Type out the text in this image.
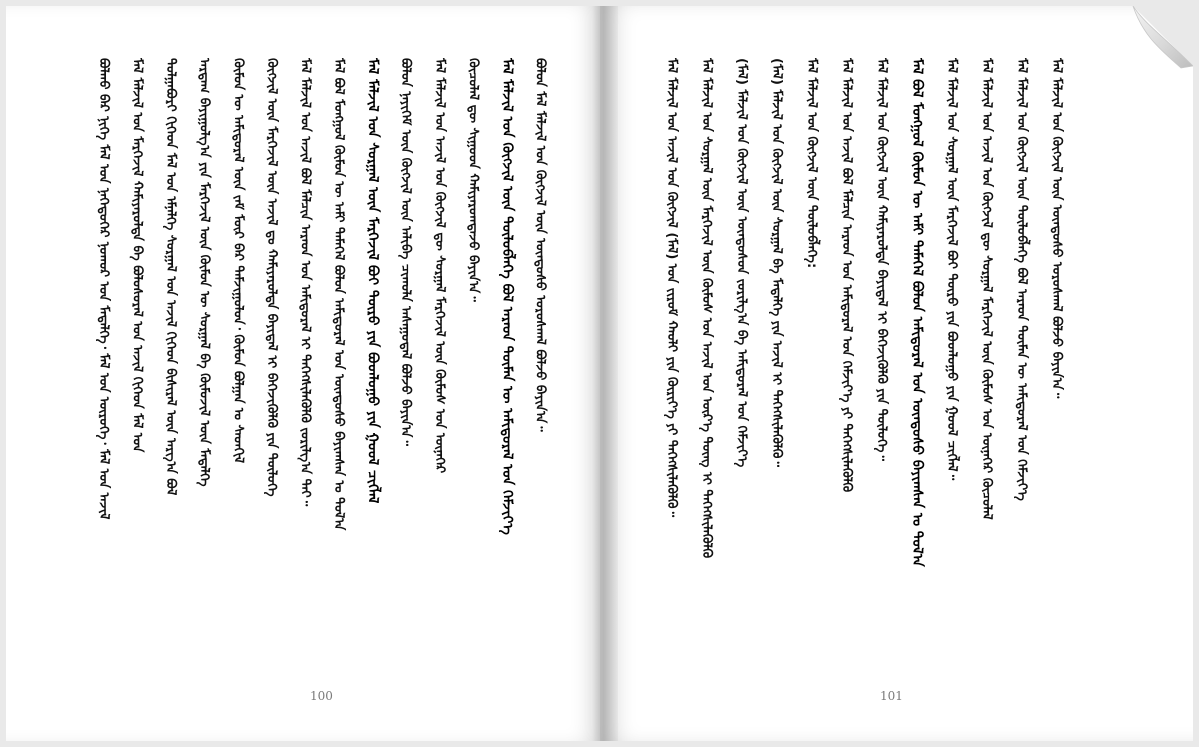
ᠪᠣᠯᠬᠤ ᠪᠡᠷ ᠨᠢᠭᠡ ᠮᠠᠯ ᠤᠨ ᠨᠡᠭᠡᠳᠦᠭᠡᠷ ᠨᠤᠬᠤᠷ ᠤᠨ ᠮᠡᠳᠡᠯᠭᠡ᠂ ᠮᠠᠯ ᠤᠨ ᠦᠷᠦᠬᠡ᠂ ᠮᠠᠯ ᠤᠨ ᠠᠵᠢᠯ	ᠮᠠᠯ ᠮᠠᠯᠵᠢᠯ ᠤᠨ ᠮᠡᠷᠭᠡᠵᠢᠯ ᠬᠠᠮᠢᠶᠠᠷᠤᠯᠳᠠ ᠪᠠ ᠪᠣᠯᠤᠰᠤᠷᠠᠯ ᠤᠨ ᠠᠵᠢᠯ ᠬᠢᠭᠡᠳ ᠮᠠᠯ ᠤᠨ	ᠲᠤᠯᠭᠠᠪᠤᠷᠢ ᠬᠢᠭᠡᠳ ᠮᠠᠯ ᠤᠨ ᠡᠮᠨᠡᠯᠭᠡ ᠰᠤᠷᠭᠠᠯ ᠤᠨ ᠠᠵᠢᠯ ᠬᠢᠭᠡᠳ ᠪᠢᠰᠢᠷᠡᠯ ᠦᠨ ᠠᠷᠭ᠎ᠠ ᠪᠣᠯ	ᠠᠷᠳᠠᠭ ᠪᠠᠶᠢᠭᠤᠯᠭ᠎ᠠ ᠶᠢᠨ ᠮᠡᠷᠭᠡᠵᠢᠯ ᠦᠨ ᠬᠦᠮᠦᠨ ᠦ ᠰᠤᠷᠭᠠᠯ ᠪᠠ ᠬᠦᠮᠦᠵᠢᠯ ᠦᠨ ᠮᠡᠳᠡᠯᠭᠡ	ᠬᠦᠮᠦᠨ ᠦ ᠠᠮᠢᠳᠤᠷᠠᠯ ᠦᠨ ᠵᠠᠮ ᠮᠦᠷ ᠪᠠᠷ ᠳᠠᠮᠵᠢᠭᠤᠯᠤᠨ᠂ ᠬᠦᠮᠦᠨ ᠪᠤᠯᠭᠠᠨ ᠤ ᠰᠡᠳᠬᠢᠯ	ᠬᠥᠭᠵᠢᠯ ᠦᠨ ᠮᠡᠷᠭᠡᠵᠢᠯ ᠦᠨ ᠠᠵᠢᠯ ᠳᠤ ᠬᠠᠮᠢᠶᠠᠷᠤᠯᠳᠠ ᠪᠠᠶᠢᠳᠠᠯ ᠢ ᠪᠡᠬᠡᠵᠢᠭᠦᠯᠬᠦ ᠶᠢᠨ ᠲᠥᠯᠥᠭᠡ	ᠮᠠᠯ ᠮᠠᠯᠵᠢᠯ ᠤᠨ ᠠᠵᠢᠯ ᠪᠣᠯ ᠮᠠᠯᠴᠢᠨ ᠠᠷᠠᠳ ᠤᠨ ᠠᠮᠢᠳᠤᠷᠠᠯ ᠢ ᠳᠡᠭᠡᠭᠰᠢᠯᠡᠭᠦᠯᠬᠦ ᠵᠣᠷᠢᠯᠭ᠎ᠠ ᠲᠠᠢ᠃	ᠮᠠᠯ ᠪᠣᠯ ᠮᠣᠩᠭᠣᠯ ᠬᠦᠮᠦᠨ ᠦ ᠠᠮᠢ ᠲᠡᠮᠡᠭᠡᠯ ᠪᠣᠯᠤᠨ ᠠᠮᠢᠳᠤᠷᠠᠯ ᠤᠨ ᠦᠨᠳᠦᠰᠦ ᠪᠠᠶᠢᠭᠰᠠᠨ ᠤ ᠲᠣᠯ᠎ᠠ	ᠮᠠᠯ ᠮᠠᠯᠵᠢᠯ ᠤᠨ ᠰᠤᠷᠭᠠᠯ ᠦᠨ ᠮᠡᠷᠭᠡᠵᠢᠯ ᠪᠤᠢ ᠲᠥᠷᠥ ᠶᠢᠨ ᠪᠣᠳᠯᠣᠭᠤ ᠶᠢᠨ ᠭᠣᠣᠯ ᠴᠢᠭᠯᠡᠯ	ᠪᠣᠯᠤᠨ ᠨᠡᠶᠢᠭᠡᠮ ᠦᠨ ᠬᠥᠭᠵᠢᠯ ᠦᠨ ᠠᠯᠢᠪᠠ ᠴᠢᠬᠤᠯᠠ ᠠᠰᠠᠭᠤᠳᠠᠯ ᠪᠣᠯᠵᠤ ᠪᠠᠶᠢᠨ᠎ᠠ᠃	ᠮᠠᠯ ᠮᠠᠯᠵᠢᠯ ᠤᠨ ᠠᠵᠢᠯ ᠤᠨ ᠬᠥᠭᠵᠢᠯ ᠳᠦ ᠰᠤᠷᠭᠠᠯ ᠮᠡᠷᠭᠡᠵᠢᠯ ᠦᠨ ᠬᠦᠮᠦᠰ ᠤᠨ ᠦᠨᠡᠬᠡᠷ	ᠬᠦᠴᠦᠯᠡᠯ ᠳᠦ ᠰᠢᠭᠤᠳ ᠬᠠᠮᠢᠶᠠᠷᠤᠭᠳᠠᠵᠤ ᠪᠠᠶᠢᠨ᠎ᠠ᠃	ᠮᠠᠯ ᠮᠠᠯᠵᠢᠯ ᠤᠨ ᠬᠥᠭᠵᠢᠯ ᠦᠨ ᠲᠥᠯᠥᠪᠯᠡᠭᠡ ᠪᠣᠯ ᠠᠷᠠᠳ ᠲᠦᠮᠡᠨ ᠦ ᠠᠮᠢᠳᠤᠷᠠᠯ ᠤᠨ ᠬᠡᠮᠵᠢᠶ᠎ᠡ	ᠪᠣᠯᠤᠨ ᠮᠠᠯ ᠮᠠᠯᠵᠢᠯ ᠤᠨ ᠬᠥᠭᠵᠢᠯ ᠦᠨ ᠦᠨᠳᠦᠰᠦ ᠤᠷᠤᠰᠬᠠᠯ ᠪᠣᠯᠵᠤ ᠪᠠᠶᠢᠨ᠎ᠠ᠃
100
ᠮᠠᠯ ᠮᠠᠯᠵᠢᠯ ᠤᠨ ᠠᠵᠢᠯ ᠤᠨ ᠬᠥᠭᠵᠢᠯ (ᠮᠠᠯ) ᠤᠨ ᠵᠢᠷᠤᠮ ᠬᠠᠤᠯᠢ ᠶᠢᠨ ᠬᠦᠷᠢᠶ᠎ᠡ ᠶᠢ ᠳᠡᠭᠡᠭᠰᠢᠯᠡᠭᠦᠯᠬᠦ᠃	ᠮᠠᠯ ᠮᠠᠯᠵᠢᠯ ᠤᠨ ᠰᠤᠷᠭᠠᠯ ᠦᠨ ᠮᠡᠷᠭᠡᠵᠢᠯ ᠦᠨ ᠬᠦᠮᠦᠰ ᠤᠨ ᠠᠵᠢᠯ ᠤᠨ ᠦᠷ᠎ᠡ ᠳᠦᠩ ᠢ ᠳᠡᠭᠡᠭᠰᠢᠯᠡᠭᠦᠯᠬᠦ	(ᠮᠠᠯ) ᠮᠠᠯᠵᠢᠯ ᠤᠨ ᠬᠥᠭᠵᠢᠯ ᠦᠨ ᠦᠨᠳᠦᠰᠦᠨ ᠵᠣᠷᠢᠯᠭ᠎ᠠ ᠪᠠ ᠠᠮᠢᠳᠤᠷᠠᠯ ᠤᠨ ᠬᠡᠮᠵᠢᠶ᠎ᠡ	(ᠮᠠᠯ) ᠮᠠᠯᠵᠢᠯ ᠤᠨ ᠬᠥᠭᠵᠢᠯ ᠦᠨ ᠰᠤᠷᠭᠠᠯ ᠪᠠ ᠮᠡᠳᠡᠯᠭᠡ ᠶᠢᠨ ᠠᠵᠢᠯ ᠢ ᠳᠡᠭᠡᠭᠰᠢᠯᠡᠭᠦᠯᠬᠦ᠃	ᠮᠠᠯ ᠮᠠᠯᠵᠢᠯ ᠤᠨ ᠬᠥᠭᠵᠢᠯ ᠦᠨ ᠲᠥᠯᠥᠪᠯᠡᠭᠡ:	ᠮᠠᠯ ᠮᠠᠯᠵᠢᠯ ᠤᠨ ᠠᠵᠢᠯ ᠪᠣᠯ ᠮᠠᠯᠴᠢᠨ ᠠᠷᠠᠳ ᠤᠨ ᠠᠮᠢᠳᠤᠷᠠᠯ ᠤᠨ ᠬᠡᠮᠵᠢᠶ᠎ᠡ ᠶᠢ ᠳᠡᠭᠡᠭᠰᠢᠯᠡᠭᠦᠯᠬᠦ	ᠮᠠᠯ ᠮᠠᠯᠵᠢᠯ ᠤᠨ ᠬᠥᠭᠵᠢᠯ ᠦᠨ ᠬᠠᠮᠢᠶᠠᠷᠤᠯᠳᠠ ᠪᠠᠶᠢᠳᠠᠯ ᠢ ᠪᠡᠬᠡᠵᠢᠭᠦᠯᠬᠦ ᠶᠢᠨ ᠲᠥᠯᠥᠭᠡ᠃	ᠮᠠᠯ ᠪᠣᠯ ᠮᠣᠩᠭᠣᠯ ᠬᠦᠮᠦᠨ ᠦ ᠠᠮᠢ ᠲᠡᠮᠡᠭᠡᠯ ᠪᠣᠯᠤᠨ ᠠᠮᠢᠳᠤᠷᠠᠯ ᠤᠨ ᠦᠨᠳᠦᠰᠦ ᠪᠠᠶᠢᠭᠰᠠᠨ ᠤ ᠲᠣᠯ᠎ᠠ	ᠮᠠᠯ ᠮᠠᠯᠵᠢᠯ ᠤᠨ ᠰᠤᠷᠭᠠᠯ ᠦᠨ ᠮᠡᠷᠭᠡᠵᠢᠯ ᠪᠤᠢ ᠲᠥᠷᠥ ᠶᠢᠨ ᠪᠣᠳᠯᠣᠭᠤ ᠶᠢᠨ ᠭᠣᠣᠯ ᠴᠢᠭᠯᠡᠯ᠃	ᠮᠠᠯ ᠮᠠᠯᠵᠢᠯ ᠤᠨ ᠠᠵᠢᠯ ᠤᠨ ᠬᠥᠭᠵᠢᠯ ᠳᠦ ᠰᠤᠷᠭᠠᠯ ᠮᠡᠷᠭᠡᠵᠢᠯ ᠦᠨ ᠬᠦᠮᠦᠰ ᠤᠨ ᠦᠨᠡᠬᠡᠷ ᠬᠦᠴᠦᠯᠡᠯ	ᠮᠠᠯ ᠮᠠᠯᠵᠢᠯ ᠤᠨ ᠬᠥᠭᠵᠢᠯ ᠦᠨ ᠲᠥᠯᠥᠪᠯᠡᠭᠡ ᠪᠣᠯ ᠠᠷᠠᠳ ᠲᠦᠮᠡᠨ ᠦ ᠠᠮᠢᠳᠤᠷᠠᠯ ᠤᠨ ᠬᠡᠮᠵᠢᠶ᠎ᠡ	ᠮᠠᠯ ᠮᠠᠯᠵᠢᠯ ᠤᠨ ᠬᠥᠭᠵᠢᠯ ᠦᠨ ᠦᠨᠳᠦᠰᠦ ᠤᠷᠤᠰᠬᠠᠯ ᠪᠣᠯᠵᠤ ᠪᠠᠶᠢᠨ᠎ᠠ᠃
101
